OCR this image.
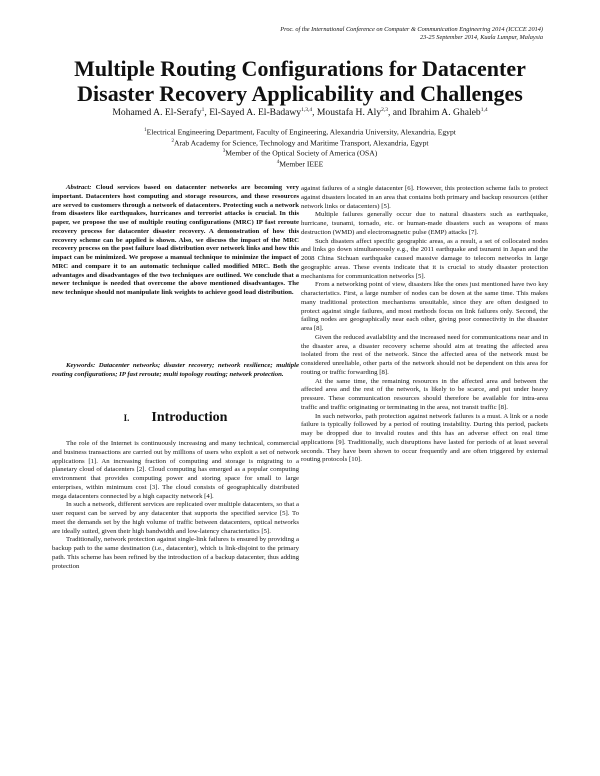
Proc. of the International Conference on Computer & Communication Engineering 2014 (ICCCE 2014)
23-25 September 2014, Kuala Lumpur, Malaysia
Multiple Routing Configurations for Datacenter
Disaster Recovery Applicability and Challenges
Mohamed A. El-Serafy$^1$, El-Sayed A. El-Badawy$^{1,3,4}$, Moustafa H. Aly$^{2,3}$, and Ibrahim A. Ghaleb$^{1,4}$
$^1$Electrical Engineering Department, Faculty of Engineering, Alexandria University, Alexandria, Egypt
$^2$Arab Academy for Science, Technology and Maritime Transport, Alexandria, Egypt
$^3$Member of the Optical Society of America (OSA)
$^4$Member IEEE

Abstract: Cloud services based on datacenter networks are becoming very important. Datacenters host computing and storage resources, and these resources are served to customers through a network of datacenters. Protecting such a network from disasters like earthquakes, hurricanes and terrorist attacks is crucial. In this paper, we propose the use of multiple routing configurations (MRC) IP fast reroute recovery process for datacenter disaster recovery. A demonstration of how this recovery scheme can be applied is shown. Also, we discuss the impact of the MRC recovery process on the post failure load distribution over network links and how this impact can be minimized. We propose a manual technique to minimize the impact of MRC and compare it to an automatic technique called modified MRC. Both the advantages and disadvantages of the two techniques are outlined. We conclude that a newer technique is needed that overcome the above mentioned disadvantages. The new technique should not manipulate link weights to achieve good load distribution.

Keywords: Datacenter networks; disaster recovery; network resilience; multiple routing configurations; IP fast reroute; multi topology routing; network protection.

I. Introduction

The role of the Internet is continuously increasing and many technical, commercial and business transactions are carried out by millions of users who exploit a set of network applications [1]. An increasing fraction of computing and storage is migrating to a planetary cloud of datacenters [2]. Cloud computing has emerged as a popular computing environment that provides computing power and storing space for small to large enterprises, within minimum cost [3]. The cloud consists of geographically distributed mega datacenters connected by a high capacity network [4].

In such a network, different services are replicated over multiple datacenters, so that a user request can be served by any datacenter that supports the specified service [5]. To meet the demands set by the high volume of traffic between datacenters, optical networks are ideally suited, given their high bandwidth and low-latency characteristics [5].

Traditionally, network protection against single-link failures is ensured by providing a backup path to the same destination (i.e., datacenter), which is link-disjoint to the primary path. This scheme has been refined by the introduction of a backup datacenter, thus adding protection

against failures of a single datacenter [6]. However, this protection scheme fails to protect against disasters located in an area that contains both primary and backup resources (either network links or datacenters) [5].

Multiple failures generally occur due to natural disasters such as earthquake, hurricane, tsunami, tornado, etc. or human-made disasters such as weapons of mass destruction (WMD) and electromagnetic pulse (EMP) attacks [7].

Such disasters affect specific geographic areas, as a result, a set of collocated nodes and links go down simultaneously e.g., the 2011 earthquake and tsunami in Japan and the 2008 China Sichuan earthquake caused massive damage to telecom networks in large geographic areas. These events indicate that it is crucial to study disaster protection mechanisms for communication networks [5].

From a networking point of view, disasters like the ones just mentioned have two key characteristics. First, a large number of nodes can be down at the same time. This makes many traditional protection mechanisms unsuitable, since they are often designed to protect against single failures, and most methods focus on link failures only. Second, the failing nodes are geographically near each other, giving poor connectivity in the disaster area [8].

Given the reduced availability and the increased need for communications near and in the disaster area, a disaster recovery scheme should aim at treating the affected area isolated from the rest of the network. Since the affected area of the network must be considered unreliable, other parts of the network should not be dependent on this area for routing or traffic forwarding [8].

At the same time, the remaining resources in the affected area and between the affected area and the rest of the network, is likely to be scarce, and put under heavy pressure. These communication resources should therefore be available for intra-area traffic and traffic originating or terminating in the area, not transit traffic [8].

In such networks, path protection against network failures is a must. A link or a node failure is typically followed by a period of routing instability. During this period, packets may be dropped due to invalid routes and this has an adverse effect on real time applications [9]. Traditionally, such disruptions have lasted for periods of at least several seconds. They have been shown to occur frequently and are often triggered by external routing protocols [10].
